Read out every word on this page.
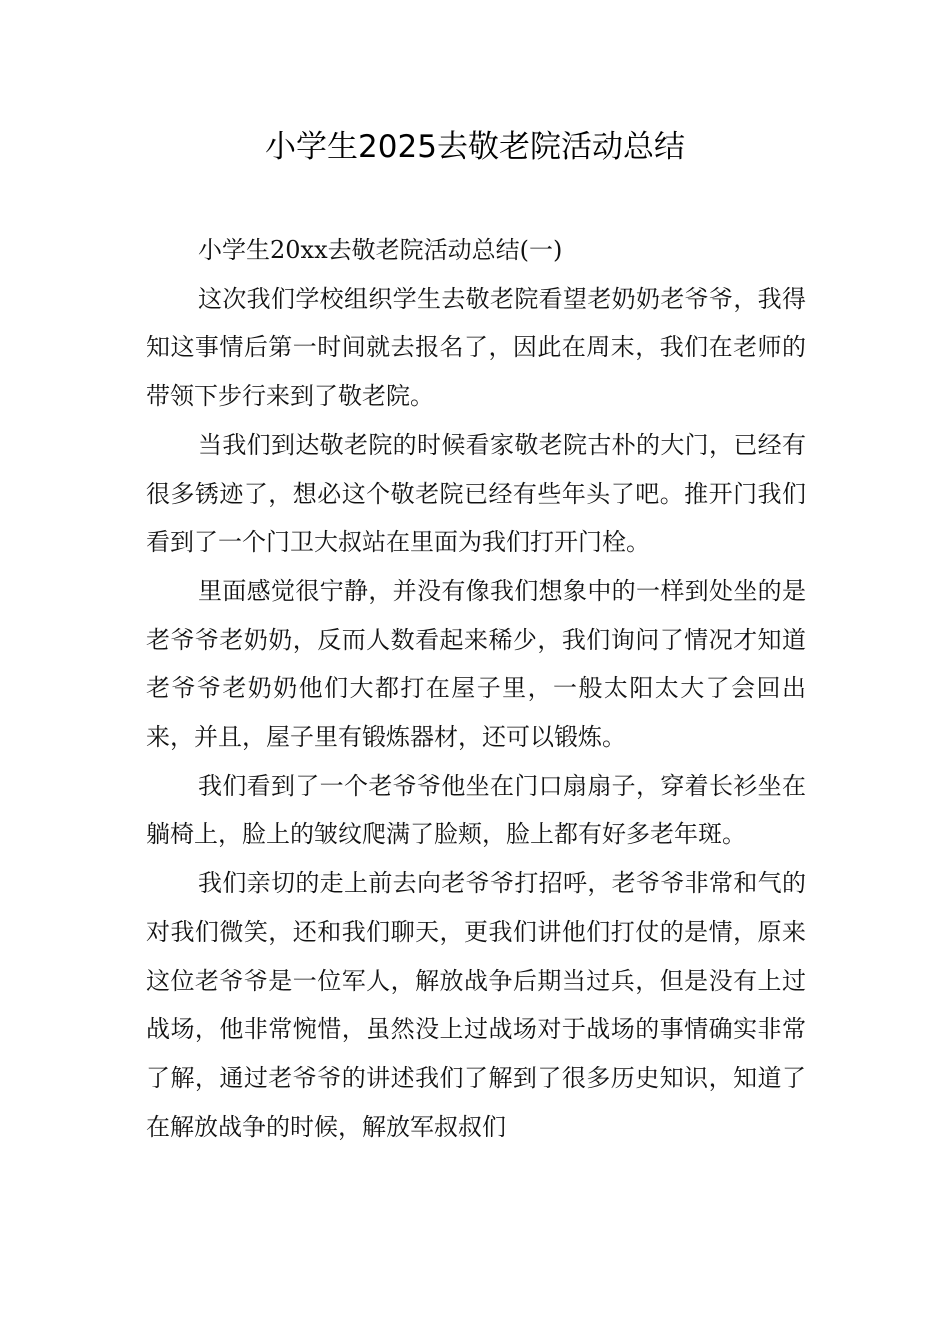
小学生2025去敬老院活动总结

小学生20xx去敬老院活动总结(一)

这次我们学校组织学生去敬老院看望老奶奶老爷爷，我得知这事情后第一时间就去报名了，因此在周末，我们在老师的带领下步行来到了敬老院。

当我们到达敬老院的时候看家敬老院古朴的大门，已经有很多锈迹了，想必这个敬老院已经有些年头了吧。推开门我们看到了一个门卫大叔站在里面为我们打开门栓。

里面感觉很宁静，并没有像我们想象中的一样到处坐的是老爷爷老奶奶，反而人数看起来稀少，我们询问了情况才知道老爷爷老奶奶他们大都打在屋子里，一般太阳太大了会回出来，并且，屋子里有锻炼器材，还可以锻炼。

我们看到了一个老爷爷他坐在门口扇扇子，穿着长衫坐在躺椅上，脸上的皱纹爬满了脸颊，脸上都有好多老年斑。

我们亲切的走上前去向老爷爷打招呼，老爷爷非常和气的对我们微笑，还和我们聊天，更我们讲他们打仗的是情，原来这位老爷爷是一位军人，解放战争后期当过兵，但是没有上过战场，他非常惋惜，虽然没上过战场对于战场的事情确实非常了解，通过老爷爷的讲述我们了解到了很多历史知识，知道了在解放战争的时候，解放军叔叔们
